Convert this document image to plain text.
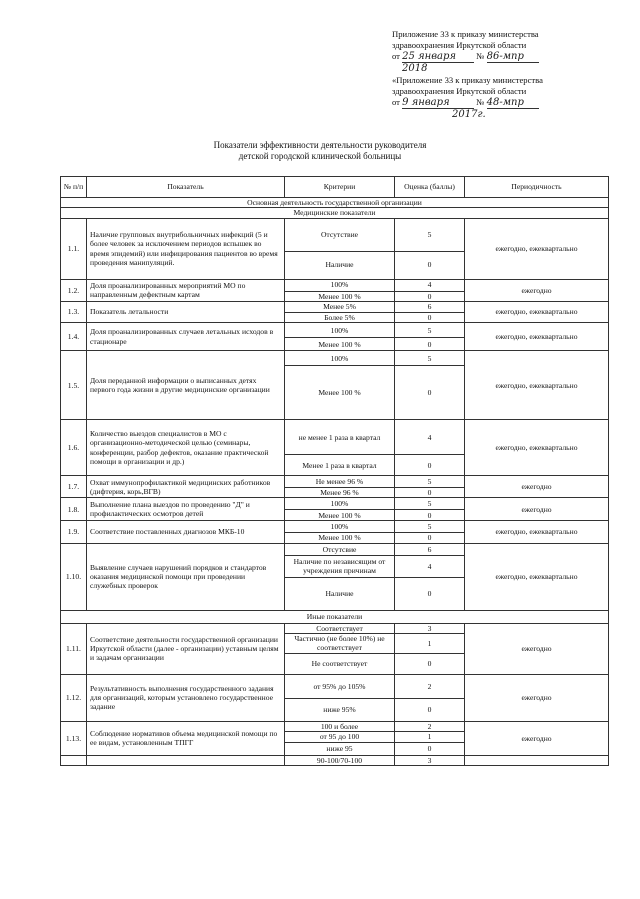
Приложение 33 к приказу министерства
здравоохранения Иркутской области
от 25 января № 86-мпр
2018
«Приложение 33 к приказу министерства
здравоохранения Иркутской области
от 9 января	№ 48-мпр
2017г.
Показатели эффективности деятельности руководителя
детской городской клинической больницы
№ п/п	Показатель	Критерии	Оценка (баллы)	Периодичность
Основная деятельность государственной организации				
Медицинские показатели				
1.1.	Наличие групповых внутрибольничных инфекций (5 и более человек за исключением периодов вспышек во время эпидемий) или инфицирования пациентов во время проведения манипуляций.	Отсутствие	5	ежегодно, ежеквартально
		Наличие	0	
1.2.	Доля проанализированных мероприятий МО по направленным дефектным картам	100%	4	ежегодно
		Менее 100 %	0	
1.3.	Показатель летальности	Менее 5%	6	ежегодно, ежеквартально
		Более 5%	0	
1.4.	Доля проанализированных случаев летальных исходов в стационаре	100%	5	ежегодно, ежеквартально
		Менее 100 %	0	
1.5.	Доля переданной информации о выписанных детях первого года жизни в другие медицинские организации	100%	5	ежегодно, ежеквартально
		Менее 100 %	0	
1.6.	Количество выездов специалистов в МО с организационно-методической целью (семинары, конференции, разбор дефектов, оказание практической помощи в организации и др.)	не менее 1 раза в квартал	4	ежегодно, ежеквартально
		Менее 1 раза в квартал	0	
1.7.	Охват иммунопрофилактикой медицинских работников (дифтерия, корь,ВГВ)	Не менее 96 %	5	ежегодно
		Менее 96 %	0	
1.8.	Выполнение плана выездов по проведению "Д" и профилактических осмотров детей	100%	5	ежегодно
		Менее 100 %	0	
1.9.	Соответствие поставленных диагнозов МКБ-10	100%	5	ежегодно, ежеквартально
		Менее 100 %	0	
1.10.	Выявление случаев нарушений порядков и стандартов оказания медицинской помощи при проведении служебных проверок	Отсутсвие	6	ежегодно, ежеквартально
		Наличие по независящим от учреждения причинам	4	
		Наличие	0	
Иные показатели				
1.11.	Соответствие деятельности государственной организации Иркутской области (далее - организации) уставным целям и задачам организации	Соответствует	3	ежегодно
		Частично (не более 10%) не соответствует	1	
		Не соответствует	0	
1.12.	Результативность выполнения государственного задания для организаций, которым установлено государственное задание	от 95% до 105%	2	ежегодно
		ниже 95%	0	
1.13.	Соблюдение нормативов объема медицинской помощи по ее видам, установленным ТПГГ	100 и более	2	ежегодно
		от 95 до 100	1	
		ниже 95	0	
		90-100/70-100	3	
